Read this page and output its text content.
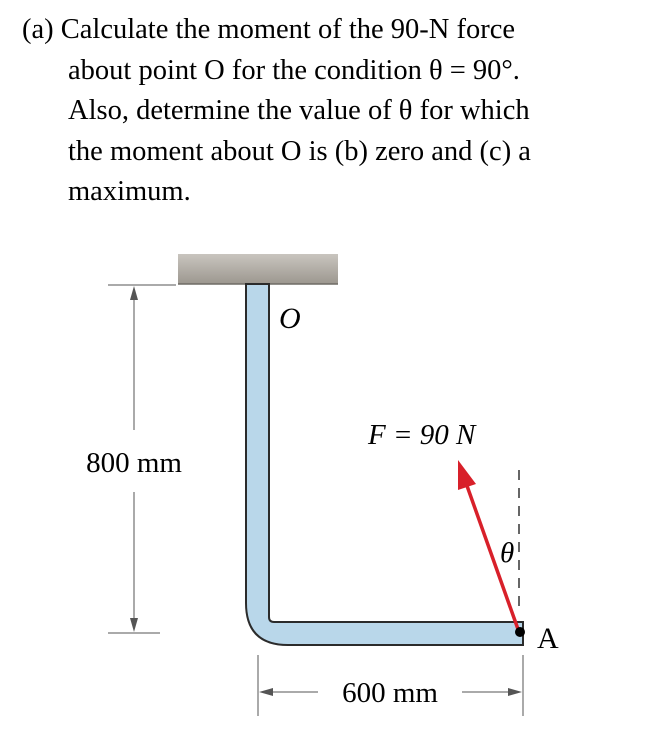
(a) Calculate the moment of the 90-N force
about point O for the condition θ = 90°.
Also, determine the value of θ for which
the moment about O is (b) zero and (c) a
maximum.
O
800 mm
600 mm
A
θ
F = 90 N
